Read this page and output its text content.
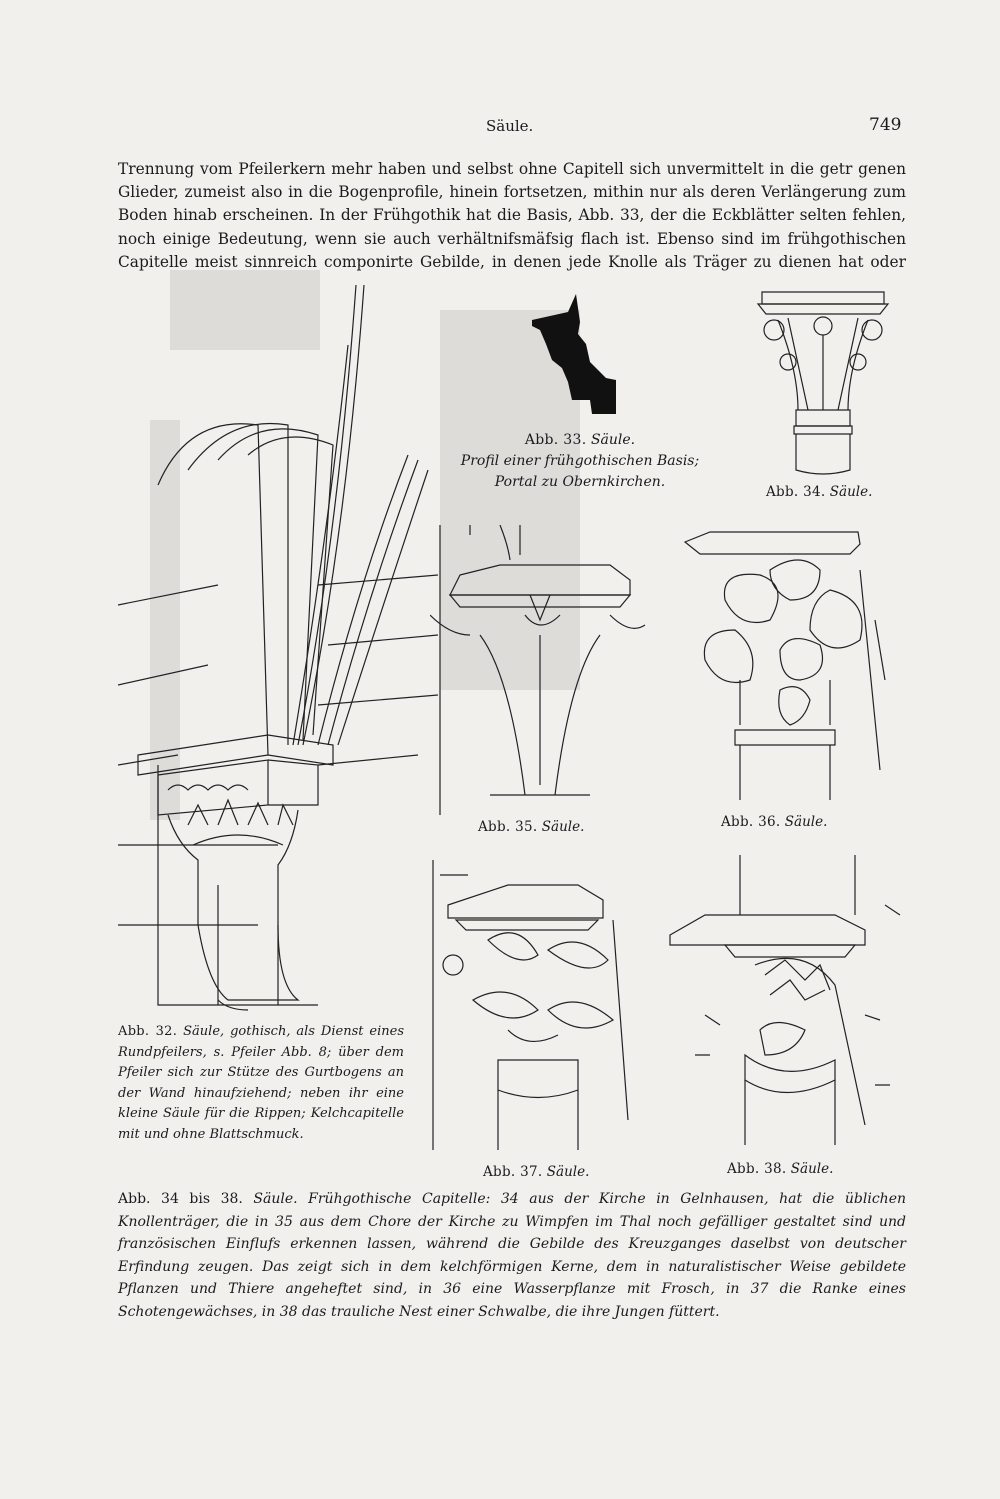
Säule.	749

Trennung vom Pfeilerkern mehr haben und selbst ohne Capitell sich unvermittelt in die getr genen Glieder, zumeist also in die Bogenprofile, hinein fortsetzen, mithin nur als deren Verlängerung zum Boden hinab erscheinen. In der Frühgothik hat die Basis, Abb. 33, der die Eckblätter selten fehlen, noch einige Bedeutung, wenn sie auch verhältnifsmäfsig flach ist. Ebenso sind im frühgothischen Capitelle meist sinnreich componirte Gebilde, in denen jede Knolle als Träger zu dienen hat oder

Abb. 33. Säule.
Profil einer frühgothischen Basis;
Portal zu Obernkirchen.
Abb. 34. Säule.
Abb. 35. Säule.	Abb. 36. Säule.
Abb. 37. Säule.	Abb. 38. Säule.
Abb. 32. Säule, gothisch, als Dienst eines Rundpfeilers, s. Pfeiler Abb. 8; über dem Pfeiler sich zur Stütze des Gurtbogens an der Wand hinaufziehend; neben ihr eine kleine Säule für die Rippen; Kelchcapitelle mit und ohne Blattschmuck.
Abb. 34 bis 38. Säule. Frühgothische Capitelle: 34 aus der Kirche in Gelnhausen, hat die üblichen Knollenträger, die in 35 aus dem Chore der Kirche zu Wimpfen im Thal noch gefälliger gestaltet sind und französischen Einflufs erkennen lassen, während die Gebilde des Kreuzganges daselbst von deutscher Erfindung zeugen. Das zeigt sich in dem kelchförmigen Kerne, dem in naturalistischer Weise gebildete Pflanzen und Thiere angeheftet sind, in 36 eine Wasserpflanze mit Frosch, in 37 die Ranke eines Schotengewächses, in 38 das trauliche Nest einer Schwalbe, die ihre Jungen füttert.
